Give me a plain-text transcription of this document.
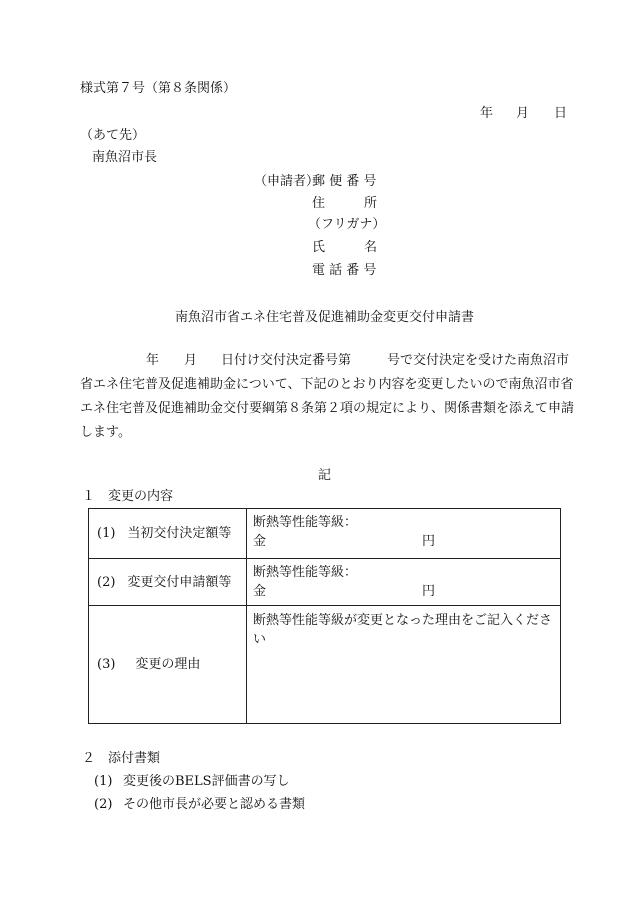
様式第７号（第８条関係）
年 月 日
（あて先）
南魚沼市長
（申請者）
郵 便 番 号
住　　　所
（フリガナ）
氏　　　名
電 話 番 号
南魚沼市省エネ住宅普及促進補助金変更交付申請書
年 月 日付け交付決定番号第	号で交付決定を受けた南魚沼市
省エネ住宅普及促進補助金について、下記のとおり内容を変更したいので南魚沼市省
エネ住宅普及促進補助金交付要綱第８条第２項の規定により、関係書類を添えて申請
します。
記
１　変更の内容
(1) 当初交付決定額等	断熱等性能等級：
金 円

(2) 変更交付申請額等	断熱等性能等級：
金 円

(3) 変更の理由	断熱等性能等級が変更となった理由をご記入ください
２　添付書類
(1) 変更後のBELS評価書の写し
(2) その他市長が必要と認める書類
